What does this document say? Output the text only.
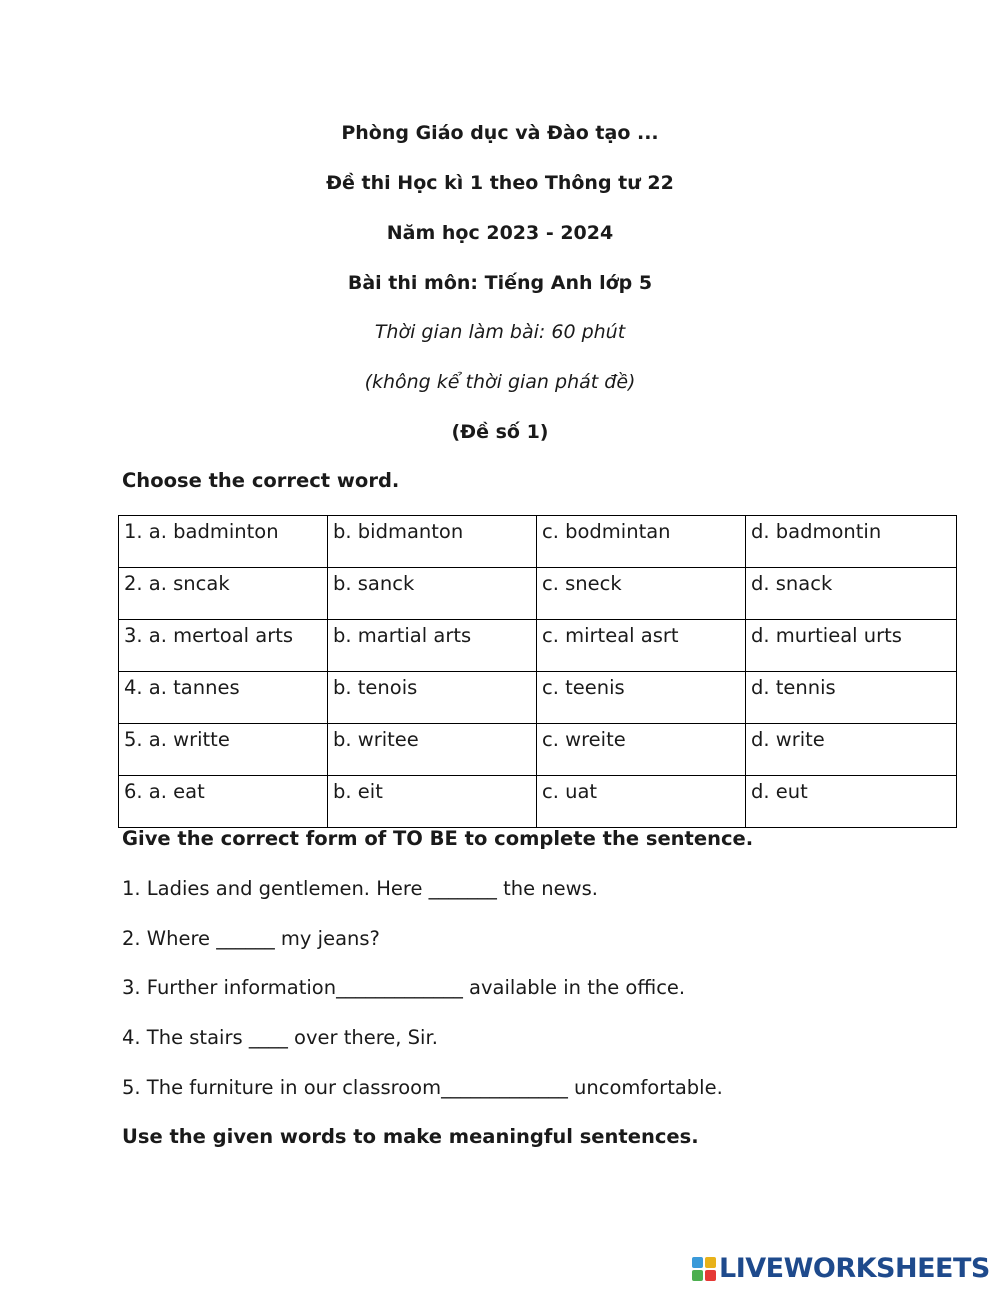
Phòng Giáo dục và Đào tạo ...

Đề thi Học kì 1 theo Thông tư 22

Năm học 2023 - 2024

Bài thi môn: Tiếng Anh lớp 5

Thời gian làm bài: 60 phút

(không kể thời gian phát đề)

(Đề số 1)

Choose the correct word.

1. a. badminton	b. bidmanton	c. bodmintan	d. badmontin
2. a. sncak	b. sanck	c. sneck	d. snack
3. a. mertoal arts	b. martial arts	c. mirteal asrt	d. murtieal urts
4. a. tannes	b. tenois	c. teenis	d. tennis
5. a. writte	b. writee	c. wreite	d. write
6. a. eat	b. eit	c. uat	d. eut

Give the correct form of TO BE to complete the sentence.

1. Ladies and gentlemen. Here _______ the news.

2. Where ______ my jeans?

3. Further information_____________ available in the office.

4. The stairs ____ over there, Sir.

5. The furniture in our classroom_____________ uncomfortable.

Use the given words to make meaningful sentences.

LIVEWORKSHEETS
